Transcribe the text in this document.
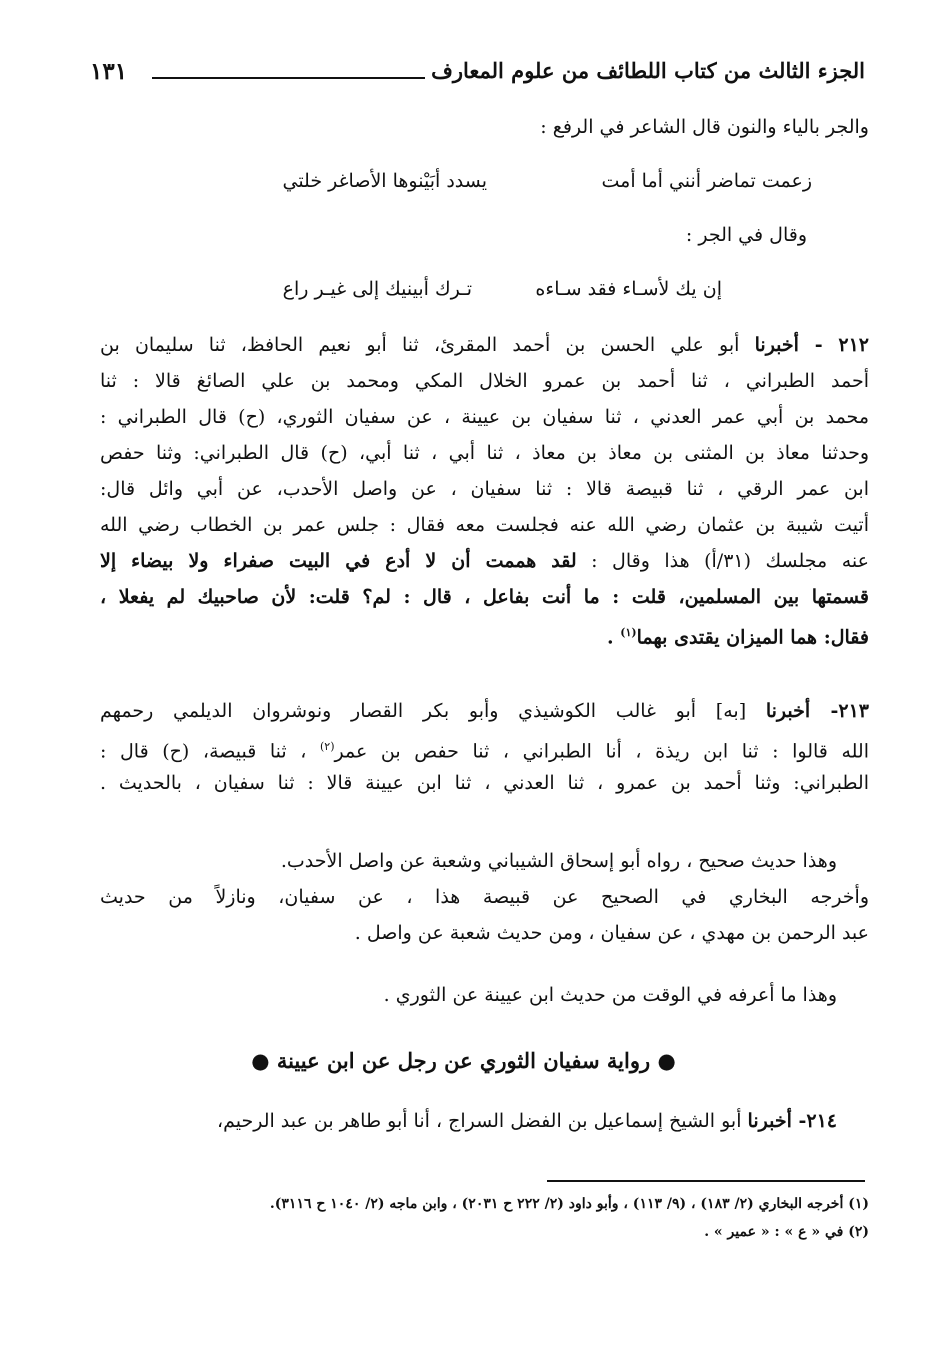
الجزء الثالث من كتاب اللطائف من علوم المعارف
١٣١
والجر بالياء والنون قال الشاعر في الرفع :
زعمت تماضر أنني أما أمت
يسدد أبَيْنوها الأصاغر خلتي
وقال في الجر :
إن يك لأسـاء فقد سـاءه
تـرك أبينيك إلى غيـر راع
٢١٢ - أخبرنا أبو علي الحسن بن أحمد المقرئ، ثنا أبو نعيم الحافظ، ثنا سليمان بن
أحمد الطبراني ، ثنا أحمد بن عمرو الخلال المكي ومحمد بن علي الصائغ قالا : ثنا
محمد بن أبي عمر العدني ، ثنا سفيان بن عيينة ، عن سفيان الثوري، (ح) قال الطبراني :
وحدثنا معاذ بن المثنى بن معاذ بن معاذ ، ثنا أبي ، ثنا أبي، (ح) قال الطبراني: وثنا حفص
ابن عمر الرقي ، ثنا قبيصة قالا : ثنا سفيان ، عن واصل الأحدب، عن أبي وائل قال:
أتيت شيبة بن عثمان رضي الله عنه فجلست معه فقال : جلس عمر بن الخطاب رضي الله
عنه مجلسك (٣١/أ) هذا وقال : لقد هممت أن لا أدع في البيت صفراء ولا بيضاء إلا
قسمتها بين المسلمين، قلت : ما أنت بفاعل ، قال : لم؟ قلت: لأن صاحبيك لم يفعلا ،
فقال: هما الميزان يقتدى بهما$^{(١)}$ .
٢١٣- أخبرنا [به] أبو غالب الكوشيذي وأبو بكر القصار ونوشروان الديلمي رحمهم
الله قالوا : ثنا ابن ريذة ، أنا الطبراني ، ثنا حفص بن عمر$^{(٢)}$ ، ثنا قبيصة، (ح) قال :
الطبراني: وثنا أحمد بن عمرو ، ثنا العدني ، ثنا ابن عيينة قالا : ثنا سفيان ، بالحديث .
وهذا حديث صحيح ، رواه أبو إسحاق الشيباني وشعبة عن واصل الأحدب.
وأخرجه البخاري في الصحيح عن قبيصة هذا ، عن سفيان، ونازلاً من حديث
عبد الرحمن بن مهدي ، عن سفيان ، ومن حديث شعبة عن واصل .
وهذا ما أعرفه في الوقت من حديث ابن عيينة عن الثوري .
● رواية سفيان الثوري عن رجل عن ابن عيينة ●
٢١٤- أخبرنا أبو الشيخ إسماعيل بن الفضل السراج ، أنا أبو طاهر بن عبد الرحيم،
(١) أخرجه البخاري (٢/ ١٨٣) ، (٩/ ١١٣) ، وأبو داود (٢/ ٢٢٢ ح ٢٠٣١) ، وابن ماجه (٢/ ١٠٤٠ ح ٣١١٦).
(٢) في « ع » : « عمير » .
